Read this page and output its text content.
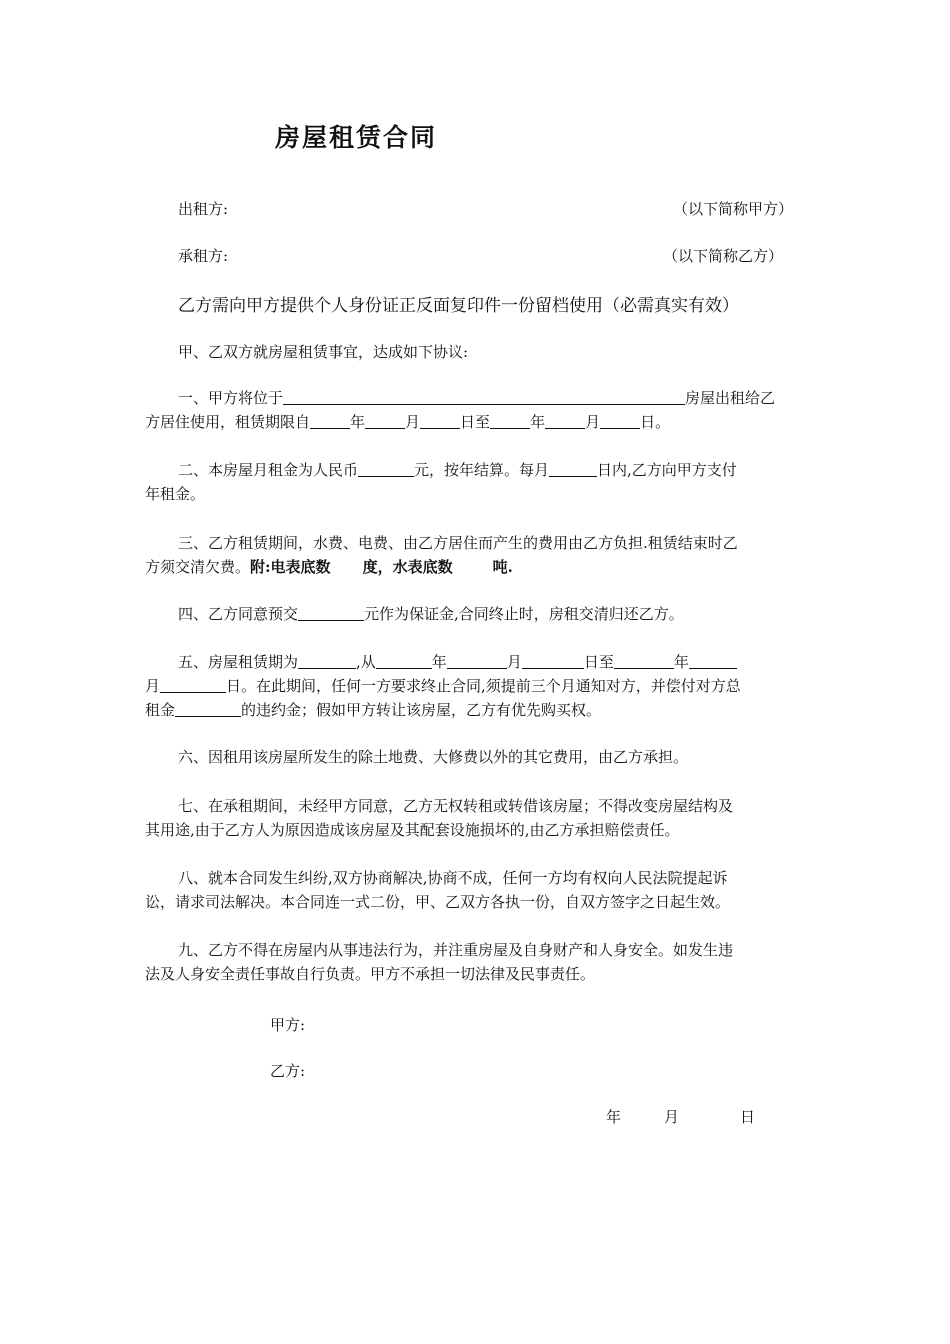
房屋租赁合同
出租方:	（以下简称甲方）
承租方:	（以下简称乙方）
乙方需向甲方提供个人身份证正反面复印件一份留档使用（必需真实有效）
甲、乙双方就房屋租赁事宜，达成如下协议:
一、甲方将位于	房屋出租给乙
方居住使用，租赁期限自	年	月	日至	年	月	日。
二、本房屋月租金为人民币	元，按年结算。每月	日内,乙方向甲方支付
年租金。
三、乙方租赁期间，水费、电费、由乙方居住而产生的费用由乙方负担.租赁结束时乙
方须交清欠费。附:电表底数 度，水表底数	吨.
四、乙方同意预交	元作为保证金,合同终止时，房租交清归还乙方。
五、房屋租赁期为	,从	年	月	日至	年
月	日。在此期间，任何一方要求终止合同,须提前三个月通知对方，并偿付对方总
租金	的违约金；假如甲方转让该房屋，乙方有优先购买权。
六、因租用该房屋所发生的除土地费、大修费以外的其它费用，由乙方承担。
七、在承租期间，未经甲方同意，乙方无权转租或转借该房屋；不得改变房屋结构及
其用途,由于乙方人为原因造成该房屋及其配套设施损坏的,由乙方承担赔偿责任。
八、就本合同发生纠纷,双方协商解决,协商不成，任何一方均有权向人民法院提起诉
讼，请求司法解决。本合同连一式二份，甲、乙双方各执一份，自双方签字之日起生效。
九、乙方不得在房屋内从事违法行为，并注重房屋及自身财产和人身安全。如发生违
法及人身安全责任事故自行负责。甲方不承担一切法律及民事责任。
甲方:
乙方:
年	月	日
